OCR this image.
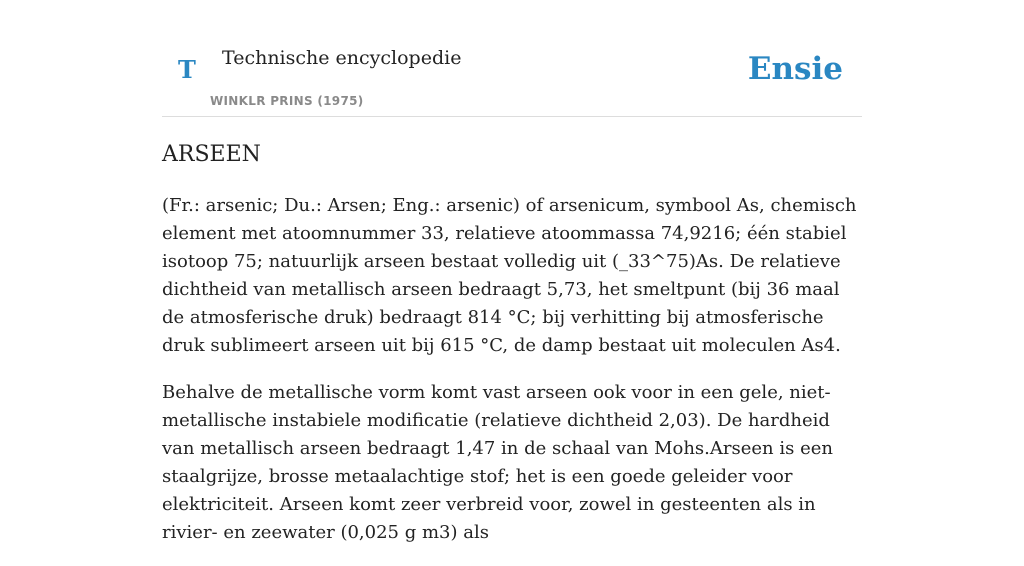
T Technische encyclopedie
WINKLR PRINS (1975)
Ensie
ARSEEN

(Fr.: arsenic; Du.: Arsen; Eng.: arsenic) of arsenicum, symbool As, chemisch element met atoomnummer 33, relatieve atoommassa 74,9216; één stabiel isotoop 75; natuurlijk arseen bestaat volledig uit (_33^75)As. De relatieve dichtheid van metallisch arseen bedraagt 5,73, het smeltpunt (bij 36 maal de atmosferische druk) bedraagt 814 °C; bij verhitting bij atmosferische druk sublimeert arseen uit bij 615 °C, de damp bestaat uit moleculen As4.

Behalve de metallische vorm komt vast arseen ook voor in een gele, niet-metallische instabiele modificatie (relatieve dichtheid 2,03). De hardheid van metallisch arseen bedraagt 1,47 in de schaal van Mohs.Arseen is een staalgrijze, brosse metaalachtige stof; het is een goede geleider voor elektriciteit. Arseen komt zeer verbreid voor, zowel in gesteenten als in rivier- en zeewater (0,025 g m3) als
